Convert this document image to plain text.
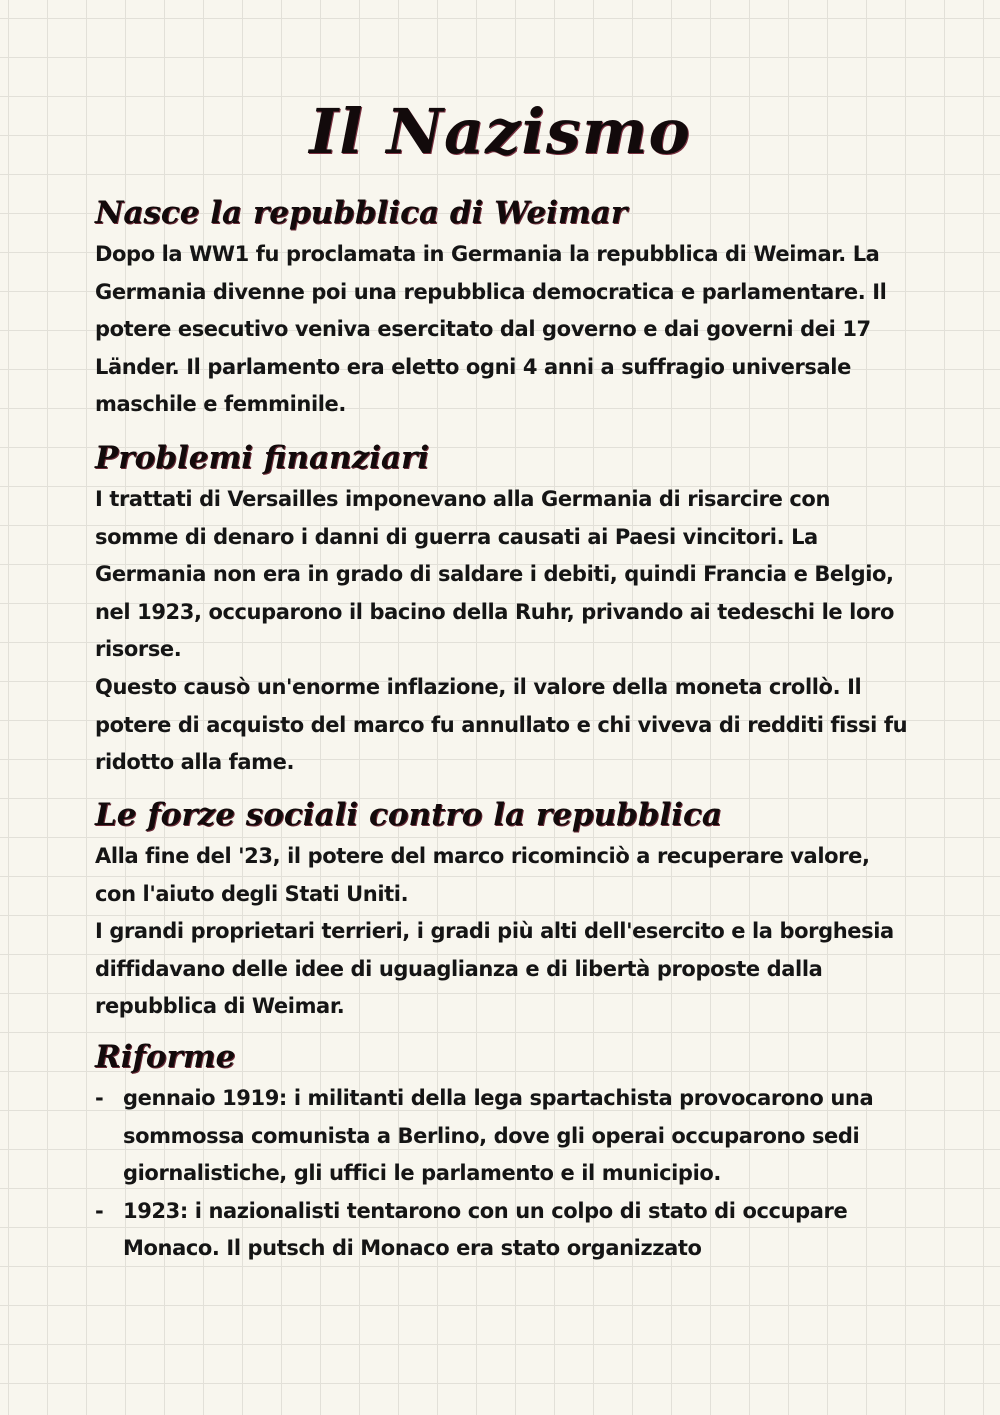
Il Nazismo
Nasce la repubblica di Weimar

Dopo la WW1 fu proclamata in Germania la repubblica di Weimar. La Germania divenne poi una repubblica democratica e parlamentare. Il potere esecutivo veniva esercitato dal governo e dai governi dei 17 Länder. Il parlamento era eletto ogni 4 anni a suffragio universale maschile e femminile.

Problemi finanziari

I trattati di Versailles imponevano alla Germania di risarcire con somme di denaro i danni di guerra causati ai Paesi vincitori. La Germania non era in grado di saldare i debiti, quindi Francia e Belgio, nel 1923, occuparono il bacino della Ruhr, privando ai tedeschi le loro risorse.

Questo causò un'enorme inflazione, il valore della moneta crollò. Il potere di acquisto del marco fu annullato e chi viveva di redditi fissi fu ridotto alla fame.

Le forze sociali contro la repubblica

Alla fine del '23, il potere del marco ricominciò a recuperare valore, con l'aiuto degli Stati Uniti.

I grandi proprietari terrieri, i gradi più alti dell'esercito e la borghesia diffidavano delle idee di uguaglianza e di libertà proposte dalla repubblica di Weimar.

Riforme
- gennaio 1919: i militanti della lega spartachista provocarono una sommossa comunista a Berlino, dove gli operai occuparono sedi giornalistiche, gli uffici le parlamento e il municipio.
- 1923: i nazionalisti tentarono con un colpo di stato di occupare Monaco. Il putsch di Monaco era stato organizzato
